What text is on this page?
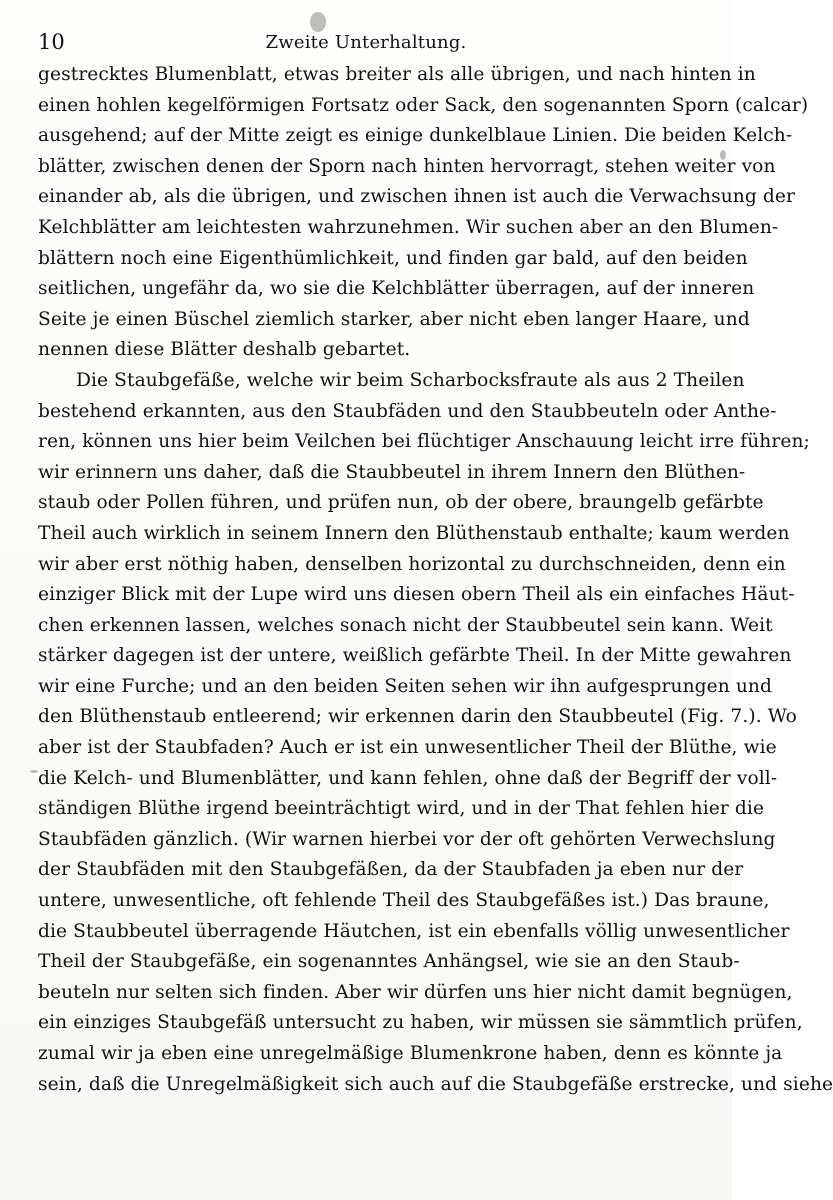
10	Zweite Unterhaltung.
gestrecktes Blumenblatt, etwas breiter als alle übrigen, und nach hinten in
einen hohlen kegelförmigen Fortsatz oder Sack, den sogenannten Sporn (calcar)
ausgehend; auf der Mitte zeigt es einige dunkelblaue Linien. Die beiden Kelch-
blätter, zwischen denen der Sporn nach hinten hervorragt, stehen weiter von
einander ab, als die übrigen, und zwischen ihnen ist auch die Verwachsung der
Kelchblätter am leichtesten wahrzunehmen. Wir suchen aber an den Blumen-
blättern noch eine Eigenthümlichkeit, und finden gar bald, auf den beiden
seitlichen, ungefähr da, wo sie die Kelchblätter überragen, auf der inneren
Seite je einen Büschel ziemlich starker, aber nicht eben langer Haare, und
nennen diese Blätter deshalb gebartet.
Die Staubgefäße, welche wir beim Scharbocksfraute als aus 2 Theilen
bestehend erkannten, aus den Staubfäden und den Staubbeuteln oder Anthe-
ren, können uns hier beim Veilchen bei flüchtiger Anschauung leicht irre führen;
wir erinnern uns daher, daß die Staubbeutel in ihrem Innern den Blüthen-
staub oder Pollen führen, und prüfen nun, ob der obere, braungelb gefärbte
Theil auch wirklich in seinem Innern den Blüthenstaub enthalte; kaum werden
wir aber erst nöthig haben, denselben horizontal zu durchschneiden, denn ein
einziger Blick mit der Lupe wird uns diesen obern Theil als ein einfaches Häut-
chen erkennen lassen, welches sonach nicht der Staubbeutel sein kann. Weit
stärker dagegen ist der untere, weißlich gefärbte Theil. In der Mitte gewahren
wir eine Furche; und an den beiden Seiten sehen wir ihn aufgesprungen und
den Blüthenstaub entleerend; wir erkennen darin den Staubbeutel (Fig. 7.). Wo
aber ist der Staubfaden? Auch er ist ein unwesentlicher Theil der Blüthe, wie
die Kelch- und Blumenblätter, und kann fehlen, ohne daß der Begriff der voll-
ständigen Blüthe irgend beeinträchtigt wird, und in der That fehlen hier die
Staubfäden gänzlich. (Wir warnen hierbei vor der oft gehörten Verwechslung
der Staubfäden mit den Staubgefäßen, da der Staubfaden ja eben nur der
untere, unwesentliche, oft fehlende Theil des Staubgefäßes ist.) Das braune,
die Staubbeutel überragende Häutchen, ist ein ebenfalls völlig unwesentlicher
Theil der Staubgefäße, ein sogenanntes Anhängsel, wie sie an den Staub-
beuteln nur selten sich finden. Aber wir dürfen uns hier nicht damit begnügen,
ein einziges Staubgefäß untersucht zu haben, wir müssen sie sämmtlich prüfen,
zumal wir ja eben eine unregelmäßige Blumenkrone haben, denn es könnte ja
sein, daß die Unregelmäßigkeit sich auch auf die Staubgefäße erstrecke, und siehe
